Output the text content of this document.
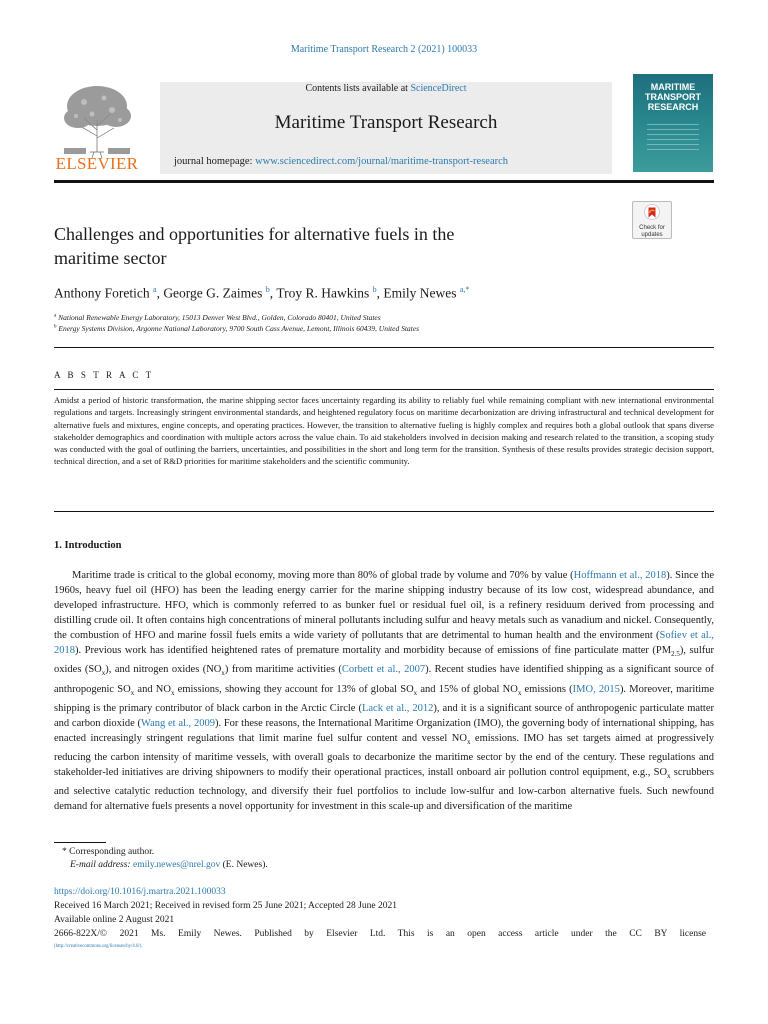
Maritime Transport Research 2 (2021) 100033
ELSEVIER
Contents lists available at ScienceDirect
Maritime Transport Research
journal homepage: www.sciencedirect.com/journal/maritime-transport-research
MARITIME
TRANSPORT
RESEARCH
Challenges and opportunities for alternative fuels in the
maritime sector
Check for
updates
Anthony Foretich $^a$, George G. Zaimes $^b$, Troy R. Hawkins $^b$, Emily Newes $^{a,*}$
$^a$ National Renewable Energy Laboratory, 15013 Denver West Blvd., Golden, Colorado 80401, United States
$^b$ Energy Systems Division, Argonne National Laboratory, 9700 South Cass Avenue, Lemont, Illinois 60439, United States
A B S T R A C T
Amidst a period of historic transformation, the marine shipping sector faces uncertainty regarding its ability to reliably fuel while remaining compliant with new international environmental regulations and targets. Increasingly stringent environmental standards, and heightened regulatory focus on maritime decarbonization are driving infrastructural and technical development for alternative fuels and mixtures, engine concepts, and operating practices. However, the transition to alternative fueling is highly complex and requires both a global outlook that spans diverse stakeholder demographics and coordination with multiple actors across the value chain. To aid stakeholders involved in decision making and research related to the transition, a scoping study was conducted with the goal of outlining the barriers, uncertainties, and possibilities in the short and long term for the transition. Synthesis of these results provides strategic decision support, technical direction, and a set of R&D priorities for maritime stakeholders and the scientific community.
1. Introduction

Maritime trade is critical to the global economy, moving more than 80% of global trade by volume and 70% by value (Hoffmann et al., 2018). Since the 1960s, heavy fuel oil (HFO) has been the leading energy carrier for the marine shipping industry because of its low cost, widespread abundance, and developed infrastructure. HFO, which is commonly referred to as bunker fuel or residual fuel oil, is a refinery residuum derived from processing and distilling crude oil. It often contains high concentrations of mineral pollutants including sulfur and heavy metals such as vanadium and nickel. Consequently, the combustion of HFO and marine fossil fuels emits a wide variety of pollutants that are detrimental to human health and the environment (Sofiev et al., 2018). Previous work has identified heightened rates of premature mortality and morbidity because of emissions of fine particulate matter $(PM_{2.5})$, sulfur oxides $(SO_x)$, and nitrogen oxides $(NO_x)$ from maritime activities (Corbett et al., 2007). Recent studies have identified shipping as a significant source of anthropogenic $SO_x$ and $NO_x$ emissions, showing they account for 13% of global $SO_x$ and 15% of global $NO_x$ emissions (IMO, 2015). Moreover, maritime shipping is the primary contributor of black carbon in the Arctic Circle (Lack et al., 2012), and it is a significant source of anthropogenic particulate matter and carbon dioxide (Wang et al., 2009). For these reasons, the International Maritime Organization (IMO), the governing body of international shipping, has enacted increasingly stringent regulations that limit marine fuel sulfur content and vessel $NO_x$ emissions. IMO has set targets aimed at progressively reducing the carbon intensity of maritime vessels, with overall goals to decarbonize the maritime sector by the end of the century. These regulations and stakeholder-led initiatives are driving shipowners to modify their operational practices, install onboard air pollution control equipment, e.g., $SO_x$ scrubbers and selective catalytic reduction technology, and diversify their fuel portfolios to include low-sulfur and low-carbon alternative fuels. Such newfound demand for alternative fuels presents a novel opportunity for investment in this scale-up and diversification of the maritime

* Corresponding author.
E-mail address: emily.newes@nrel.gov (E. Newes).
https://doi.org/10.1016/j.martra.2021.100033
Received 16 March 2021; Received in revised form 25 June 2021; Accepted 28 June 2021
Available online 2 August 2021
2666-822X/© 2021 Ms. Emily Newes. Published by Elsevier Ltd. This is an open access article under the CC BY license
(http://creativecommons.org/licenses/by/4.0/).
